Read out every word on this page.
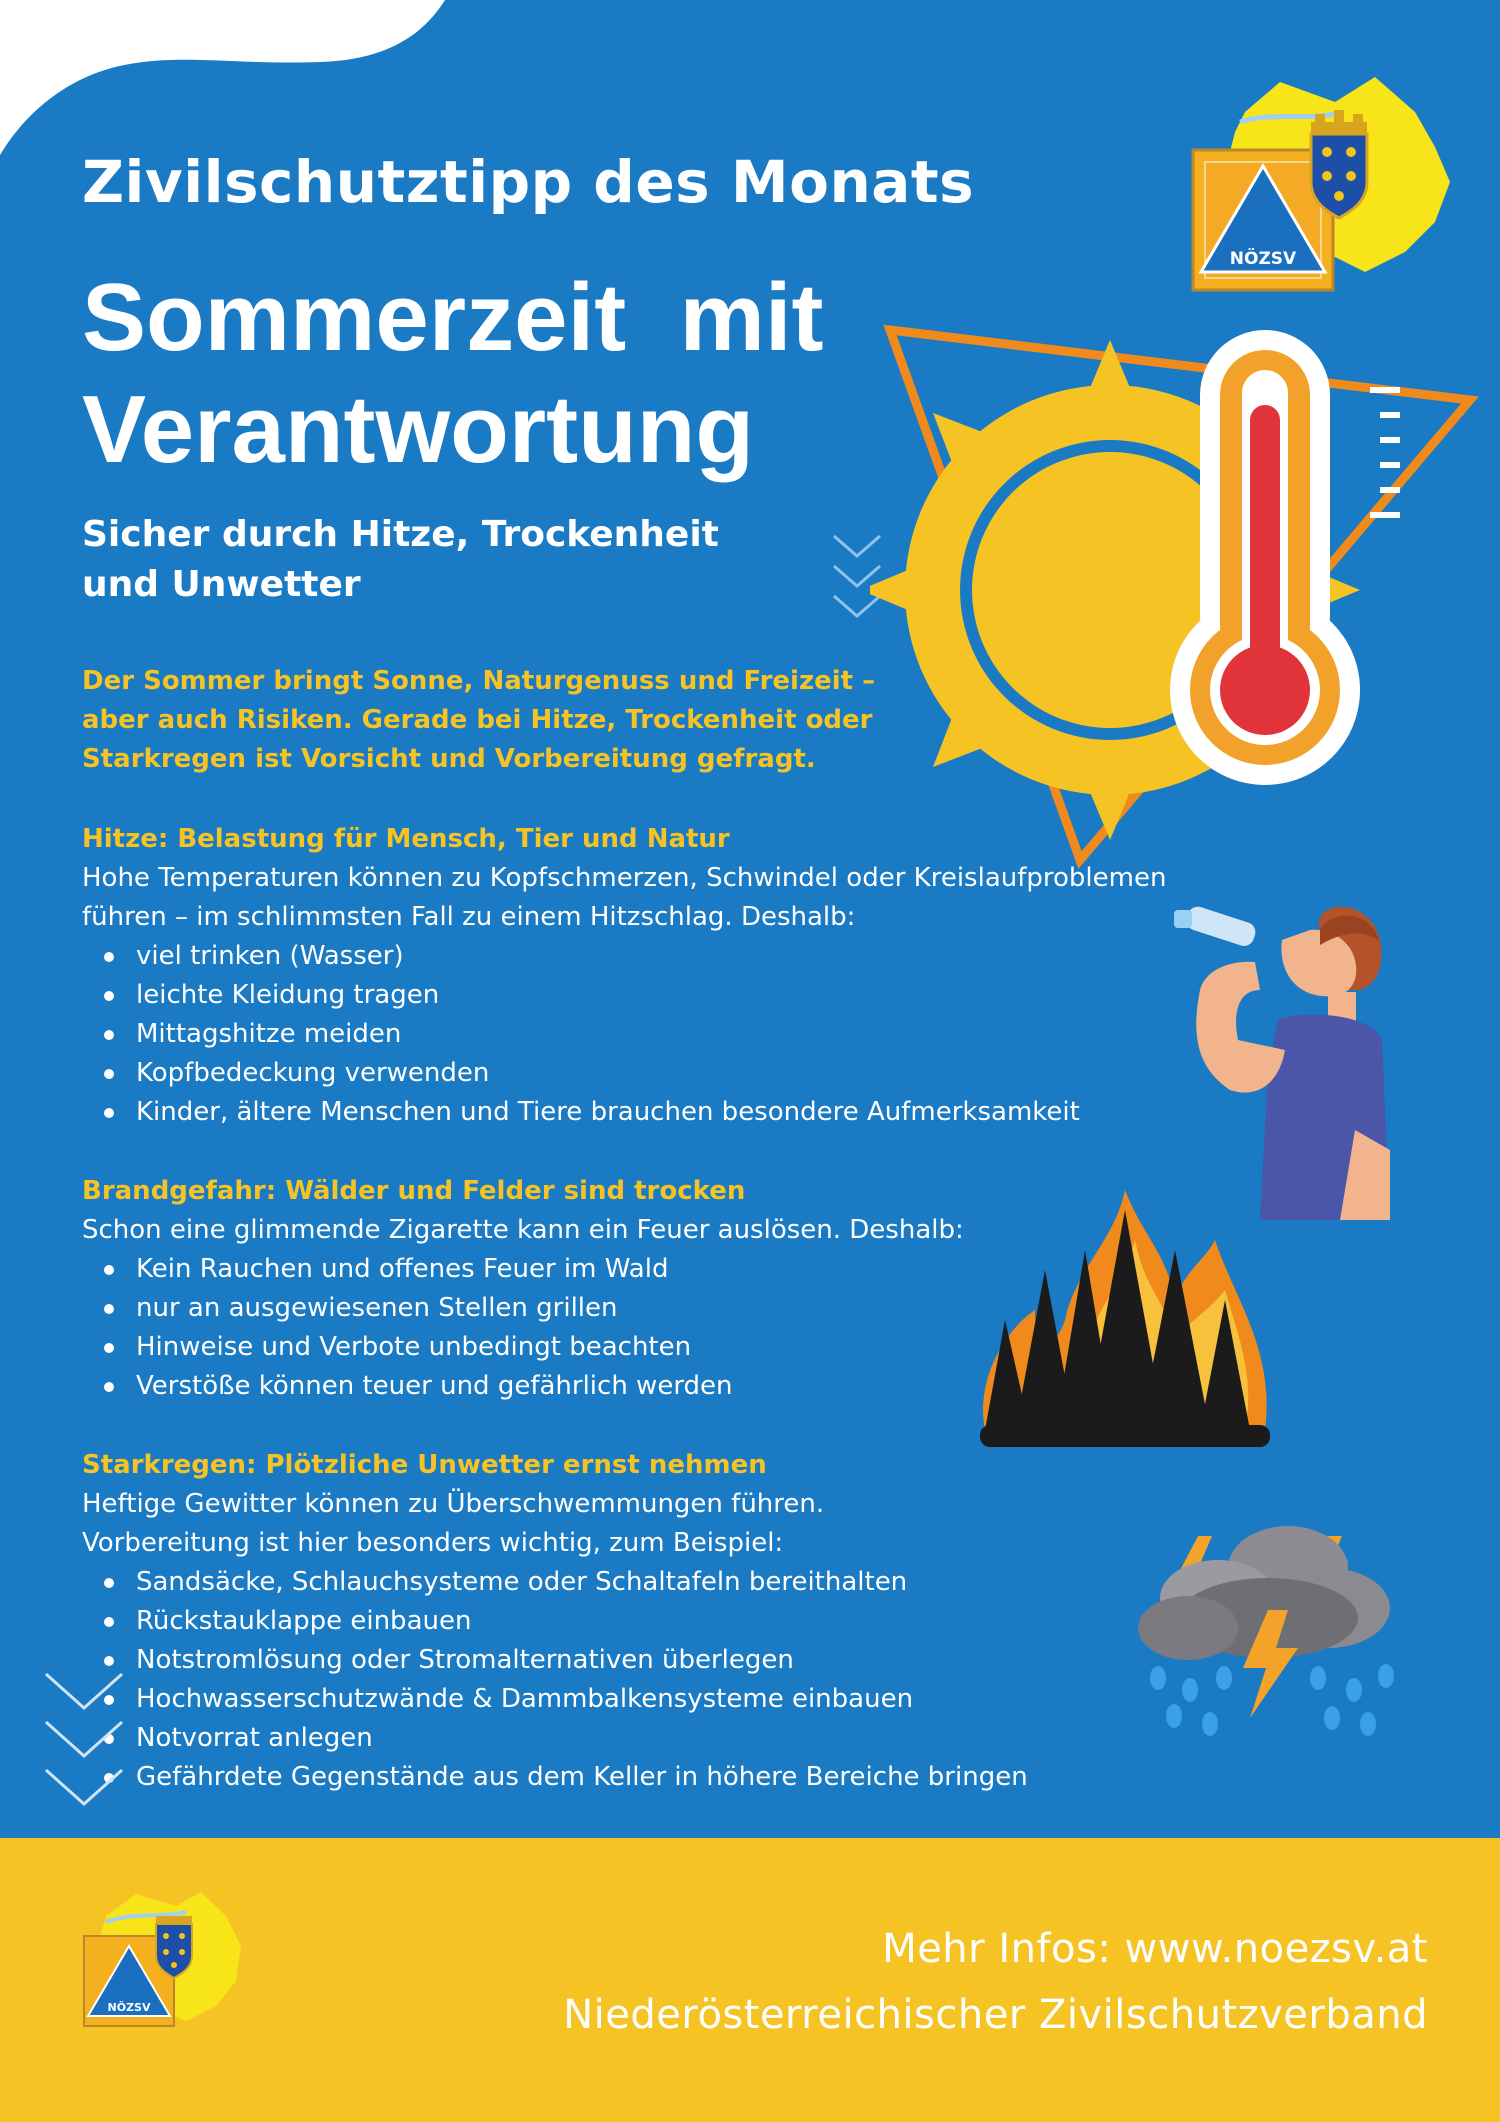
NÖZSV
Zivilschutztipp des Monats
Sommerzeit  mit
Verantwortung
Sicher durch Hitze, Trockenheit
und Unwetter
Der Sommer bringt Sonne, Naturgenuss und Freizeit –
aber auch Risiken. Gerade bei Hitze, Trockenheit oder
Starkregen ist Vorsicht und Vorbereitung gefragt.
Hitze: Belastung für Mensch, Tier und Natur
Hohe Temperaturen können zu Kopfschmerzen, Schwindel oder Kreislaufproblemen
führen – im schlimmsten Fall zu einem Hitzschlag. Deshalb:
viel trinken (Wasser)
leichte Kleidung tragen
Mittagshitze meiden
Kopfbedeckung verwenden
Kinder, ältere Menschen und Tiere brauchen besondere Aufmerksamkeit
Brandgefahr: Wälder und Felder sind trocken
Schon eine glimmende Zigarette kann ein Feuer auslösen. Deshalb:
Kein Rauchen und offenes Feuer im Wald
nur an ausgewiesenen Stellen grillen
Hinweise und Verbote unbedingt beachten
Verstöße können teuer und gefährlich werden
Starkregen: Plötzliche Unwetter ernst nehmen
Heftige Gewitter können zu Überschwemmungen führen.
Vorbereitung ist hier besonders wichtig, zum Beispiel:
Sandsäcke, Schlauchsysteme oder Schaltafeln bereithalten
Rückstauklappe einbauen
Notstromlösung oder Stromalternativen überlegen
Hochwasserschutzwände & Dammbalkensysteme einbauen
Notvorrat anlegen
Gefährdete Gegenstände aus dem Keller in höhere Bereiche bringen
NÖZSV
Mehr Infos: www.noezsv.at
Niederösterreichischer Zivilschutzverband
